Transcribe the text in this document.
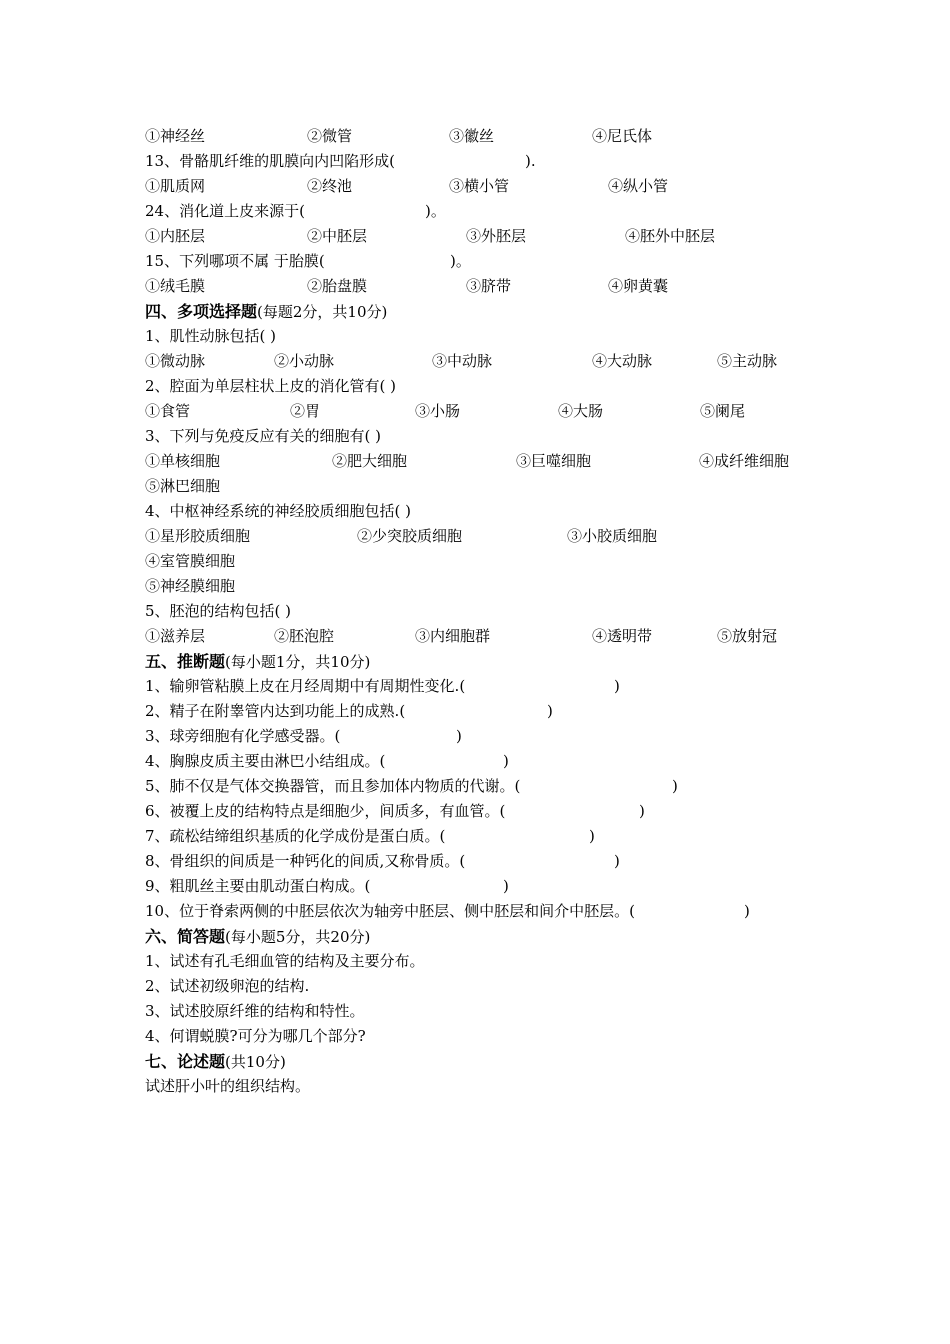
①神经丝	②微管	③徽丝	④尼氏体
13、骨骼肌纤维的肌膜向内凹陷形成(	).
①肌质网	②终池	③横小管	④纵小管
24、消化道上皮来源于(	)。
①内胚层	②中胚层	③外胚层	④胚外中胚层
15、下列哪项不属 于胎膜(	)。
①绒毛膜	②胎盘膜	③脐带	④卵黄囊
四、多项选择题(每题2分，共10分)
1、肌性动脉包括( )
①微动脉	②小动脉	③中动脉	④大动脉	⑤主动脉
2、腔面为单层柱状上皮的消化管有( )
①食管	②胃	③小肠	④大肠	⑤阑尾
3、下列与免疫反应有关的细胞有( )
①单核细胞	②肥大细胞	③巨噬细胞	④成纤维细胞
⑤淋巴细胞
4、中枢神经系统的神经胶质细胞包括( )
①星形胶质细胞	②少突胶质细胞	③小胶质细胞
④室管膜细胞
⑤神经膜细胞
5、胚泡的结构包括( )
①滋养层	②胚泡腔	③内细胞群	④透明带	⑤放射冠
五、推断题(每小题1分，共10分)
1、输卵管粘膜上皮在月经周期中有周期性变化.(	)
2、精子在附睾管内达到功能上的成熟.(	)
3、球旁细胞有化学感受器。(	)
4、胸腺皮质主要由淋巴小结组成。(	)
5、肺不仅是气体交换器管，而且参加体内物质的代谢。(	)
6、被覆上皮的结构特点是细胞少，间质多，有血管。(	)
7、疏松结缔组织基质的化学成份是蛋白质。(	)
8、骨组织的间质是一种钙化的间质,又称骨质。(	)
9、粗肌丝主要由肌动蛋白构成。(	)
10、位于脊索两侧的中胚层依次为轴旁中胚层、侧中胚层和间介中胚层。(	)
六、简答题(每小题5分，共20分)
1、试述有孔毛细血管的结构及主要分布。
2、试述初级卵泡的结构.
3、试述胶原纤维的结构和特性。
4、何谓蜕膜?可分为哪几个部分?
七、论述题(共10分)
试述肝小叶的组织结构。
